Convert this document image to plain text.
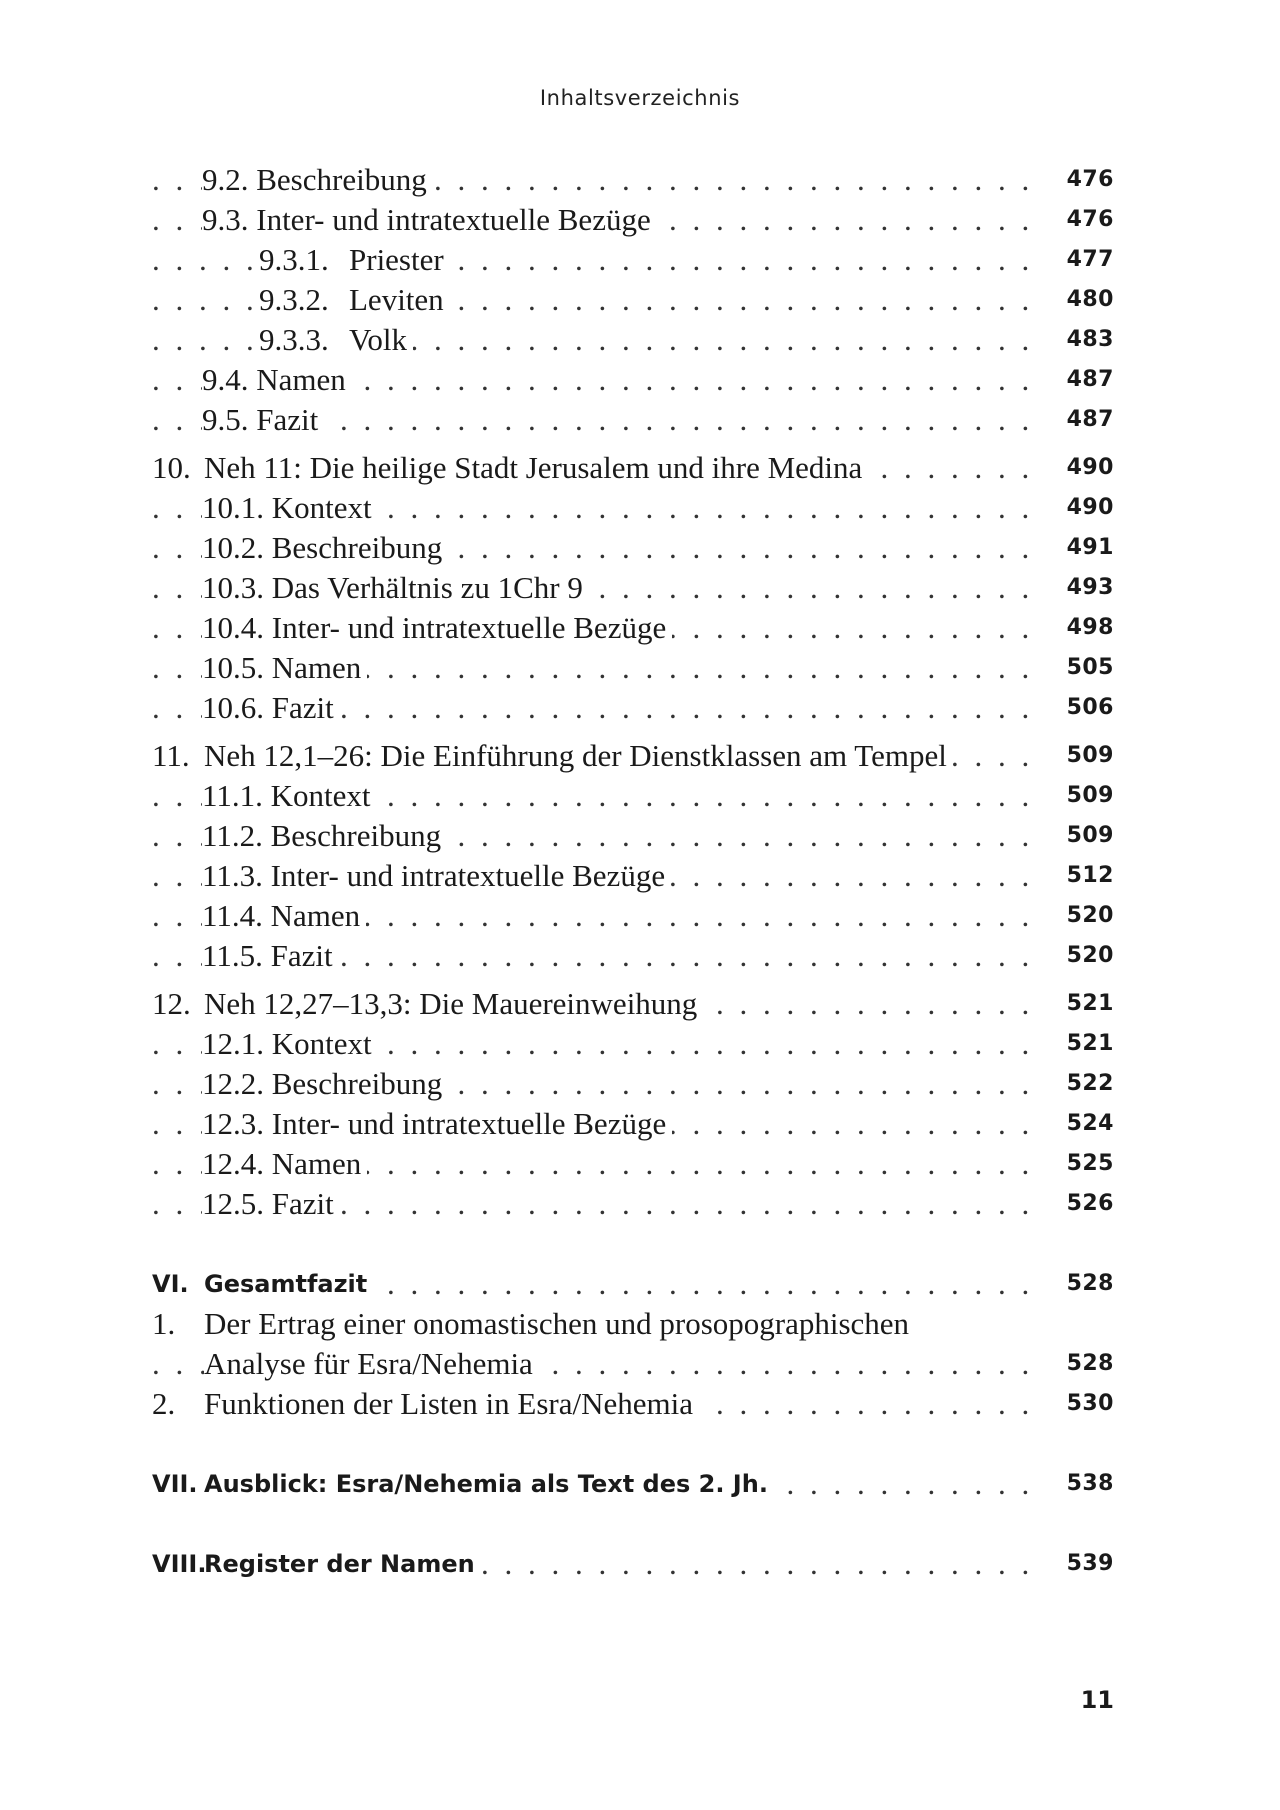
Inhaltsverzeichnis
. . .
9.2. Beschreibung	476
. . .
9.3. Inter- und intratextuelle Bezüge	476
. . .
9.3.1. Priester	477
. . .
9.3.2. Leviten	480
. . .
9.3.3. Volk	483
. . .
9.4. Namen	487
. . .
9.5. Fazit	487
. . .
10. Neh 11: Die heilige Stadt Jerusalem und ihre Medina	490
. . .
10.1. Kontext	490
. . .
10.2. Beschreibung	491
. . .
10.3. Das Verhältnis zu 1Chr 9	493
. . .
10.4. Inter- und intratextuelle Bezüge	498
. . .
10.5. Namen	505
. . .
10.6. Fazit	506
. . .
11. Neh 12,1–26: Die Einführung der Dienstklassen am Tempel	509
. . .
11.1. Kontext	509
. . .
11.2. Beschreibung	509
. . .
11.3. Inter- und intratextuelle Bezüge	512
. . .
11.4. Namen	520
. . .
11.5. Fazit	520
. . .
12. Neh 12,27–13,3: Die Mauereinweihung	521
. . .
12.1. Kontext	521
. . .
12.2. Beschreibung	522
. . .
12.3. Inter- und intratextuelle Bezüge	524
. . .
12.4. Namen	525
. . .
12.5. Fazit	526
. . .
VI. Gesamtfazit	528
1. Der Ertrag einer onomastischen und prosopographischen
. . .
Analyse für Esra/Nehemia	528
. . .
2. Funktionen der Listen in Esra/Nehemia	530
. . .
VII. Ausblick: Esra/Nehemia als Text des 2. Jh.	538
. . .
VIII.Register der Namen	539
11
